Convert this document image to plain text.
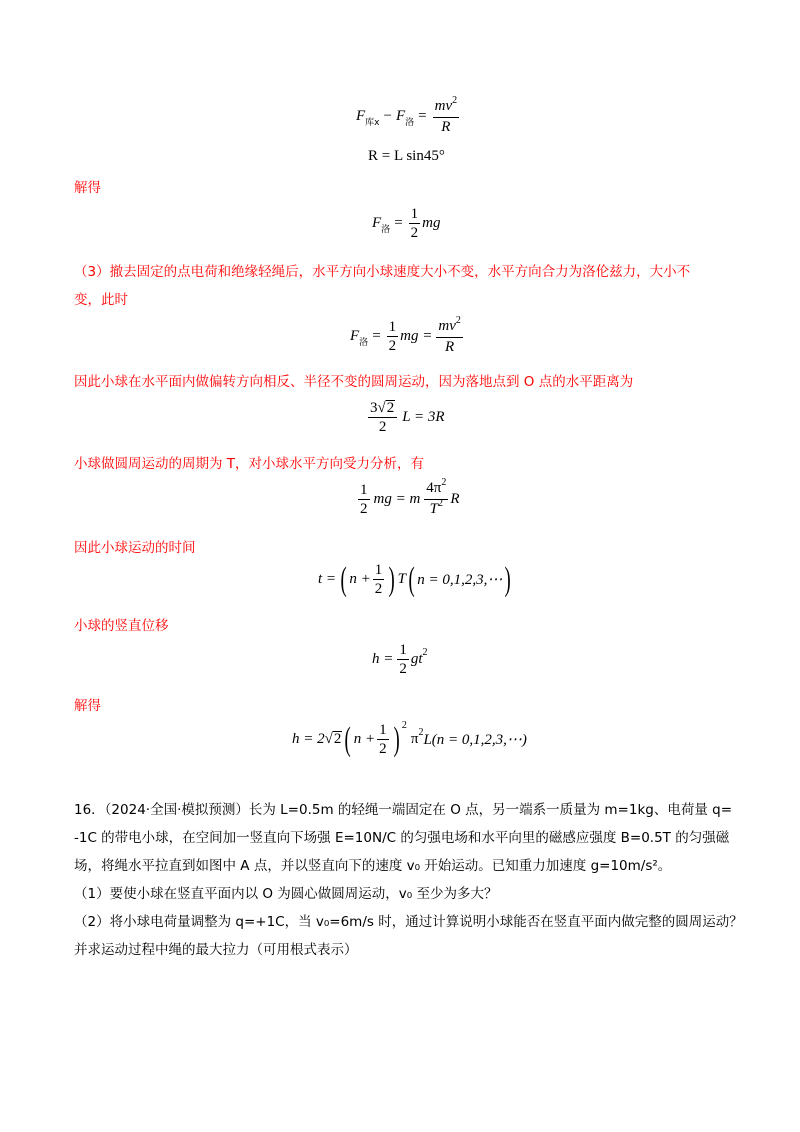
F 库x − F 洛 = $\frac{mv^2}{R}$
R = L sin45°
解得
F 洛 = $\frac{1}{2}$ mg
（3）撤去固定的点电荷和绝缘轻绳后，水平方向小球速度大小不变，水平方向合力为洛伦兹力，大小不
变，此时
F 洛 = $\frac{1}{2}$ mg = $\frac{mv^2}{R}$
因此小球在水平面内做偏转方向相反、半径不变的圆周运动，因为落地点到 O 点的水平距离为
$\frac{3 √ 2}{2}$ L = 3R
小球做圆周运动的周期为 T，对小球水平方向受力分析，有
$\frac{1}{2}$ mg = m $\frac{4\pi^2}{T^2}$ R
因此小球运动的时间
t = ( $n + \frac{1}{2}$ ) T ( n = 0,1,2,3,⋯ )
小球的竖直位移
$h = \frac{1}{2}$ gt 2
解得
h = 2 √ 2 ( $n + \frac{1}{2}$ ) 2
π 2 L(n = 0,1,2,3,⋯)
16．（2024·全国·模拟预测）长为 L=0.5m 的轻绳一端固定在 O 点，另一端系一质量为 m=1kg、电荷量 q=
-1C 的带电小球，在空间加一竖直向下场强 E=10N/C 的匀强电场和水平向里的磁感应强度 B=0.5T 的匀强磁
场，将绳水平拉直到如图中 A 点，并以竖直向下的速度 v₀ 开始运动。已知重力加速度 g=10m/s²。
（1）要使小球在竖直平面内以 O 为圆心做圆周运动，v₀ 至少为多大？
（2）将小球电荷量调整为 q=+1C，当 v₀=6m/s 时，通过计算说明小球能否在竖直平面内做完整的圆周运动？
并求运动过程中绳的最大拉力（可用根式表示）
